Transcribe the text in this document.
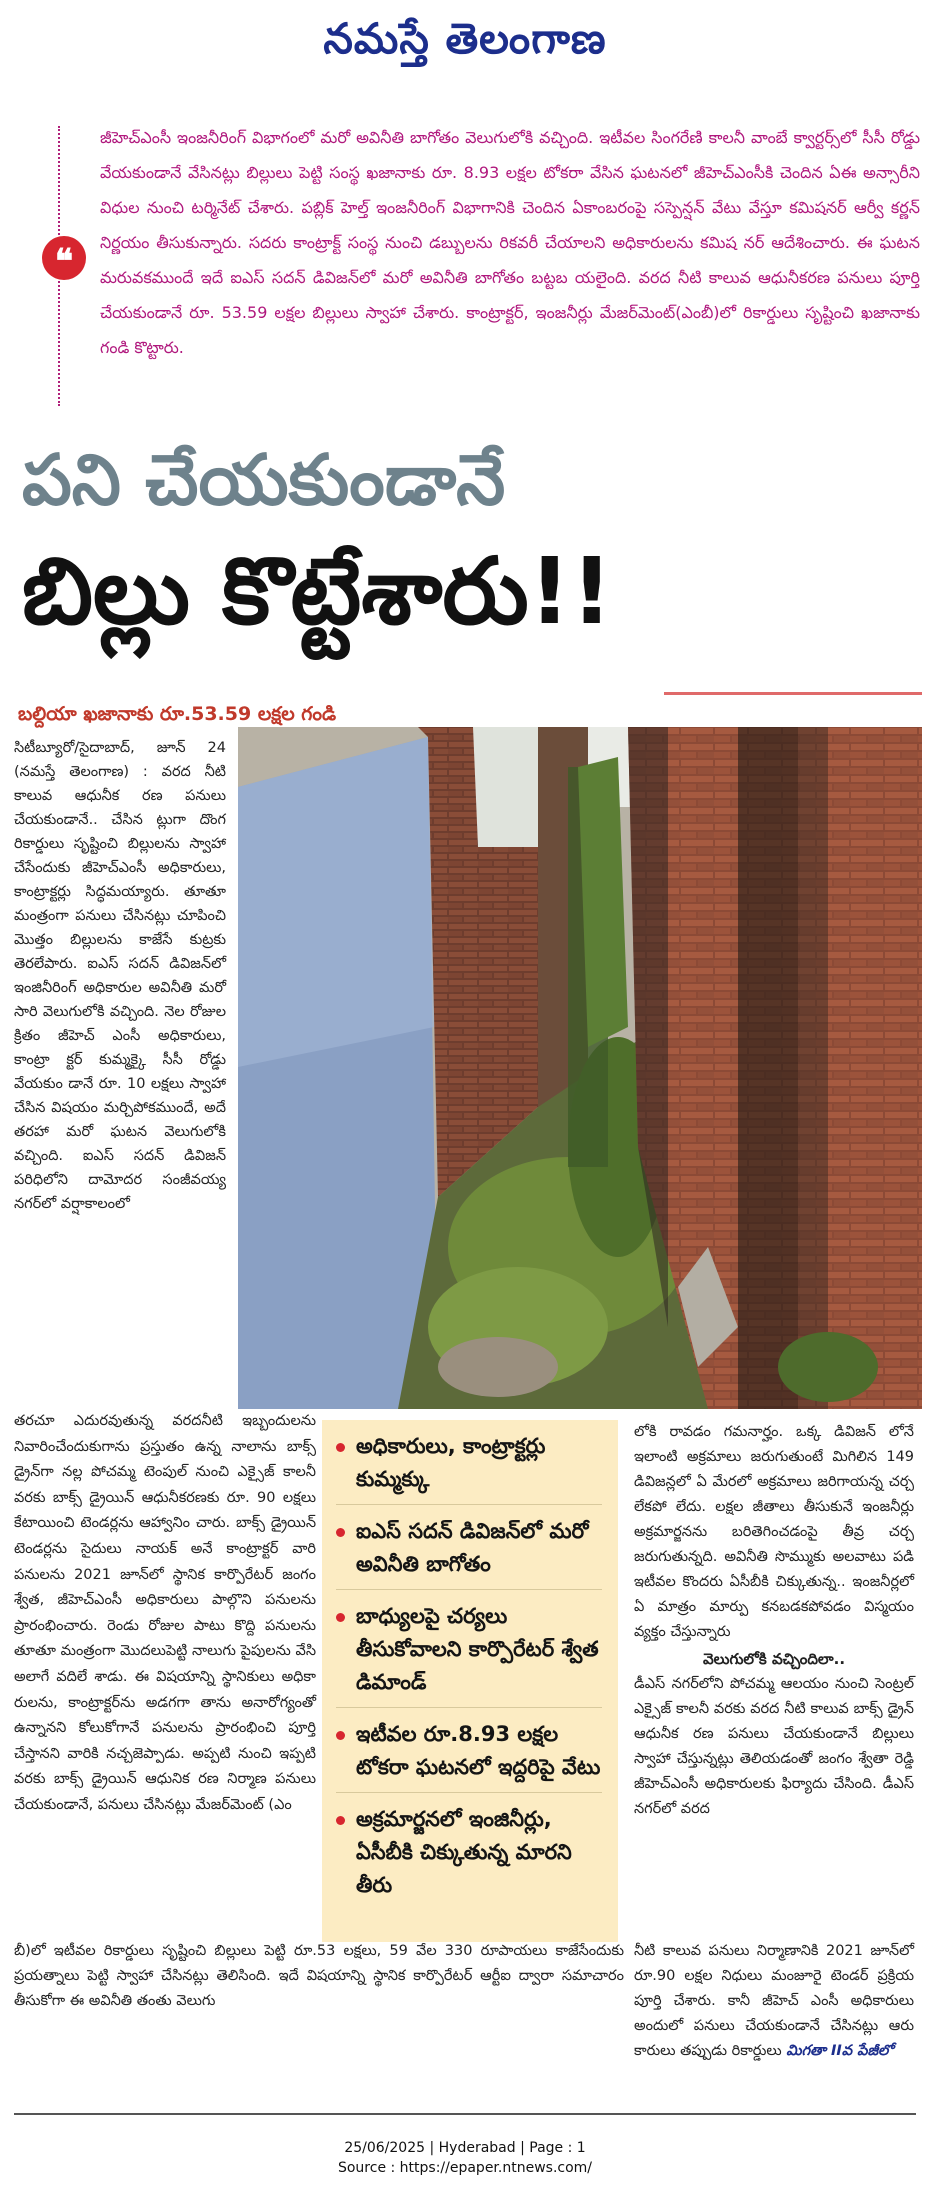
నమస్తే తెలంగాణ
❝
జీహెచ్‌ఎంసీ ఇంజనీరింగ్ విభాగంలో మరో అవినీతి బాగోతం వెలుగులోకి వచ్చింది. ఇటీవల సింగరేణి కాలనీ వాంబే క్వార్టర్స్‌లో సీసీ రోడ్డు వేయకుండానే వేసినట్లు బిల్లులు పెట్టి సంస్థ ఖజానాకు రూ. 8.93 లక్షల టోకరా వేసిన ఘటనలో జీహెచ్‌ఎంసీకి చెందిన ఏఈ అన్సారీని విధుల నుంచి టర్మినేట్ చేశారు. పబ్లిక్ హెల్త్ ఇంజనీరింగ్ విభాగానికి చెందిన ఏకాంబరంపై సస్పెన్షన్ వేటు వేస్తూ కమిషనర్ ఆర్వీ కర్ణన్ నిర్ణయం తీసుకున్నారు. సదరు కాంట్రాక్ట్ సంస్థ నుంచి డబ్బులను రికవరీ చేయాలని అధికారులను కమిష నర్ ఆదేశించారు. ఈ ఘటన మరువకముందే ఇదే ఐఎస్ సదన్ డివిజన్‌లో మరో అవినీతి బాగోతం బట్టబ యలైంది. వరద నీటి కాలువ ఆధునీకరణ పనులు పూర్తి చేయకుండానే రూ. 53.59 లక్షల బిల్లులు స్వాహా చేశారు. కాంట్రాక్టర్, ఇంజనీర్లు మేజర్‌మెంట్(ఎంబీ)లో రికార్డులు సృష్టించి ఖజానాకు గండి కొట్టారు.
పని చేయకుండానే
బిల్లు కొట్టేశారు!!
బల్దియా ఖజానాకు రూ.53.59 లక్షల గండి
సిటీబ్యూరో/సైదాబాద్, జూన్ 24 (నమస్తే తెలంగాణ) : వరద నీటి కాలువ ఆధునీక రణ పనులు చేయకుండానే.. చేసిన ట్లుగా దొంగ రికార్డులు సృష్టించి బిల్లులను స్వాహా చేసేందుకు జీహెచ్‌ఎంసీ అధికారులు, కాంట్రాక్టర్లు సిద్ధమయ్యారు. తూతూ మంత్రంగా పనులు చేసినట్లు చూపించి మొత్తం బిల్లులను కాజేసే కుట్రకు తెరలేపారు. ఐఎస్ సదన్ డివిజన్‌లో ఇంజినీరింగ్ అధికారుల అవినీతి మరో సారి వెలుగులోకి వచ్చింది. నెల రోజుల క్రితం జీహెచ్ ఎంసీ అధికారులు, కాంట్రా క్టర్ కుమ్మక్కై సీసీ రోడ్డు వేయకుం డానే రూ. 10 లక్షలు స్వాహా చేసిన విషయం మర్చిపోకముందే, అదే తరహా మరో ఘటన వెలుగులోకి వచ్చింది. ఐఎస్ సదన్ డివిజన్ పరిధిలోని దామోదర సంజీవయ్య నగర్‌లో వర్షాకాలంలో
తరచూ ఎదురవుతున్న వరదనీటి ఇబ్బందులను నివారించేందుకుగాను ప్రస్తుతం ఉన్న నాలాను బాక్స్ డ్రైన్‌గా నల్ల పోచమ్మ టెంపుల్ నుంచి ఎక్సైజ్ కాలనీ వరకు బాక్స్ డ్రైయిన్ ఆధునీకరణకు రూ. 90 లక్షలు కేటాయించి టెండర్లను ఆహ్వానిం చారు. బాక్స్ డ్రైయిన్ టెండర్లను సైదులు నాయక్ అనే కాంట్రాక్టర్ వారి పనులను 2021 జూన్‌లో స్థానిక కార్పొరేటర్ జంగం శ్వేత, జీహెచ్‌ఎంసీ అధికారులు పాల్గొని పనులను ప్రారంభించారు. రెండు రోజుల పాటు కొద్ది పనులను తూతూ మంత్రంగా మొదలుపెట్టి నాలుగు పైపులను వేసి అలాగే వదిలే శాడు. ఈ విషయాన్ని స్థానికులు అధికా రులను, కాంట్రాక్టర్‌ను అడగగా తాను అనారోగ్యంతో ఉన్నానని కోలుకోగానే పనులను ప్రారంభించి పూర్తి చేస్తానని వారికి నచ్చజెప్పాడు. అప్పటి నుంచి ఇప్పటి వరకు బాక్స్ డ్రైయిన్ ఆధునిక రణ నిర్మాణ పనులు చేయకుండానే, పనులు చేసినట్లు మేజర్‌మెంట్ (ఎం
అధికారులు, కాంట్రాక్టర్లు కుమ్మక్కు
ఐఎస్ సదన్ డివిజన్‌లో మరో అవినీతి బాగోతం
బాధ్యులపై చర్యలు తీసుకోవాలని కార్పొరేటర్ శ్వేత డిమాండ్
ఇటీవల రూ.8.93 లక్షల టోకరా ఘటనలో ఇద్దరిపై వేటు
అక్రమార్జనలో ఇంజినీర్లు, ఏసీబీకి చిక్కుతున్న మారని తీరు
లోకి రావడం గమనార్హం. ఒక్క డివిజన్ లోనే ఇలాంటి అక్రమాలు జరుగుతుంటే మిగిలిన 149 డివిజన్లలో ఏ మేరలో అక్రమాలు జరిగాయన్న చర్చ లేకపో లేదు. లక్షల జీతాలు తీసుకునే ఇంజనీర్లు అక్రమార్జనను బరితెగించడంపై తీవ్ర చర్చ జరుగుతున్నది. అవినీతి సొమ్ముకు అలవాటు పడి ఇటీవల కొందరు ఏసీబీకి చిక్కుతున్న.. ఇంజనీర్లలో ఏ మాత్రం మార్పు కనబడకపోవడం విస్మయం వ్యక్తం చేస్తున్నారు
వెలుగులోకి వచ్చిందిలా..
డీఎస్ నగర్‌లోని పోచమ్మ ఆలయం నుంచి సెంట్రల్ ఎక్సైజ్ కాలనీ వరకు వరద నీటి కాలువ బాక్స్ డ్రైన్ ఆధునీక రణ పనులు చేయకుండానే బిల్లులు స్వాహా చేస్తున్నట్లు తెలియడంతో జంగం శ్వేతా రెడ్డి జీహెచ్‌ఎంసీ అధికారులకు ఫిర్యాదు చేసింది. డీఎస్ నగర్‌లో వరద
బీ)లో ఇటీవల రికార్డులు సృష్టించి బిల్లులు పెట్టి రూ.53 లక్షలు, 59 వేల 330 రూపాయలు కాజేసేందుకు ప్రయత్నాలు పెట్టి స్వాహా చేసినట్లు తెలిసింది. ఇదే విషయాన్ని స్థానిక కార్పొరేటర్ ఆర్టీఐ ద్వారా సమాచారం తీసుకోగా ఈ అవినీతి తంతు వెలుగు
నీటి కాలువ పనులు నిర్మాణానికి 2021 జూన్‌లో రూ.90 లక్షల నిధులు మంజూరై టెండర్ ప్రక్రియ పూర్తి చేశారు. కానీ జీహెచ్ ఎంసీ అధికారులు అందులో పనులు చేయకుండానే చేసినట్లు ఆరు కారులు తప్పుడు రికార్డులు మిగతా IIవ పేజీలో
25/06/2025 | Hyderabad | Page : 1
Source : https://epaper.ntnews.com/
